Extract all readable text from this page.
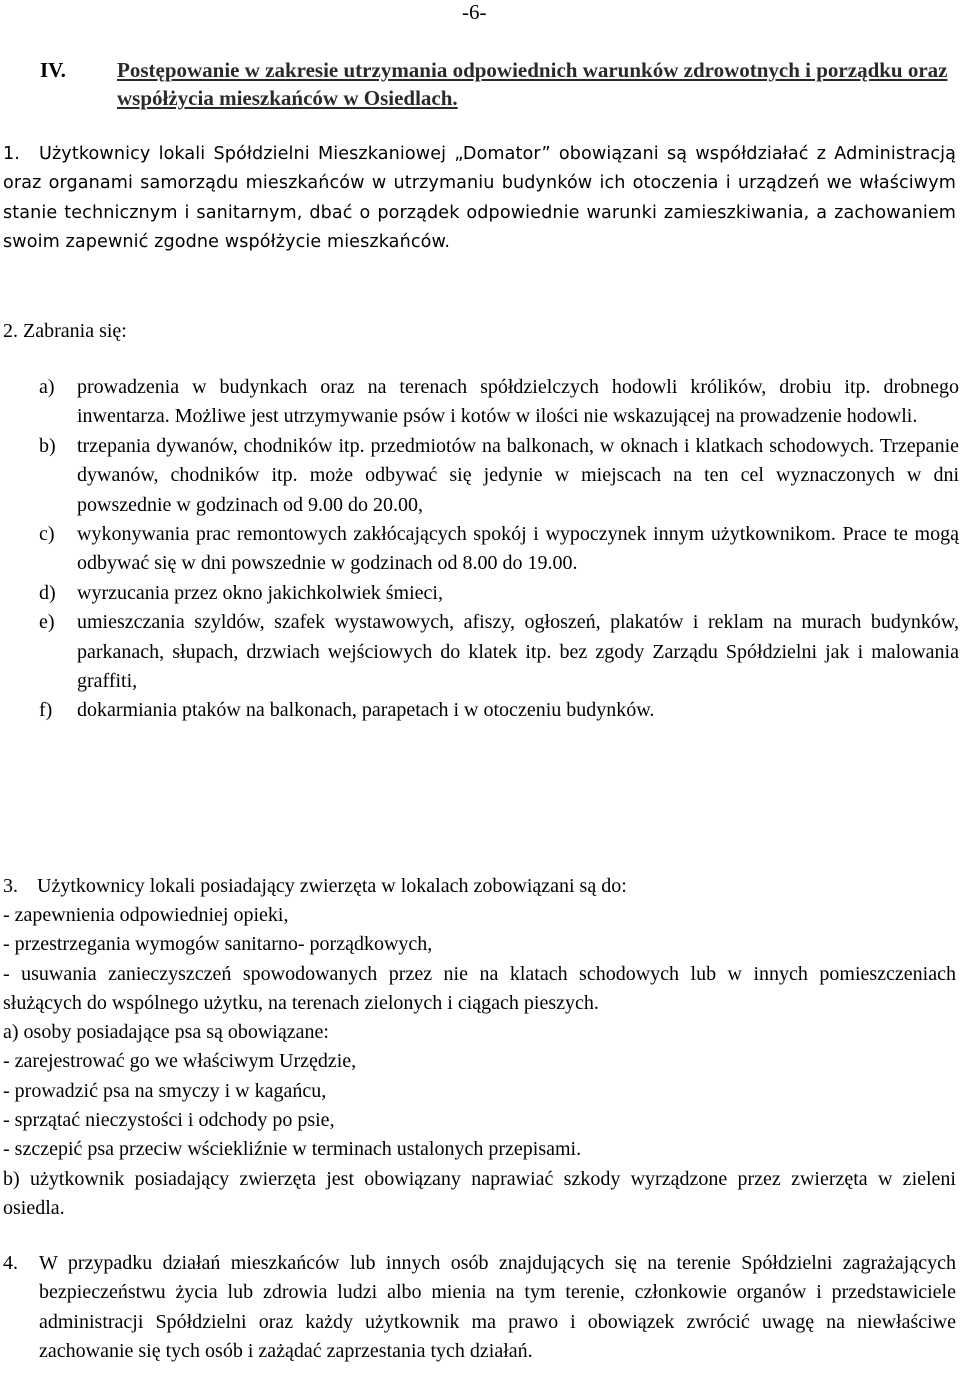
-6-
IV. Postępowanie w zakresie utrzymania odpowiednich warunków zdrowotnych i porządku oraz współżycia mieszkańców w Osiedlach.
1.	Użytkownicy lokali Spółdzielni Mieszkaniowej „Domator” obowiązani są współdziałać z Administracją oraz organami samorządu mieszkańców w utrzymaniu budynków ich otoczenia i urządzeń we właściwym stanie technicznym i sanitarnym, dbać o porządek odpowiednie warunki zamieszkiwania, a zachowaniem swoim zapewnić zgodne współżycie mieszkańców.
2. Zabrania się:
a) prowadzenia w budynkach oraz na terenach spółdzielczych hodowli królików, drobiu itp. drobnego inwentarza. Możliwe jest utrzymywanie psów i kotów w ilości nie wskazującej na prowadzenie hodowli.
b) trzepania dywanów, chodników itp. przedmiotów na balkonach, w oknach i klatkach schodowych. Trzepanie dywanów, chodników itp. może odbywać się jedynie w miejscach na ten cel wyznaczonych w dni powszednie w godzinach od 9.00 do 20.00,
c) wykonywania prac remontowych zakłócających spokój i wypoczynek innym użytkownikom. Prace te mogą odbywać się w dni powszednie w godzinach od 8.00 do 19.00.
d) wyrzucania przez okno jakichkolwiek śmieci,
e) umieszczania szyldów, szafek wystawowych, afiszy, ogłoszeń, plakatów i reklam na murach budynków, parkanach, słupach, drzwiach wejściowych do klatek itp. bez zgody Zarządu Spółdzielni jak i malowania graffiti,
f) dokarmiania ptaków na balkonach, parapetach i w otoczeniu budynków.
3. Użytkownicy lokali posiadający zwierzęta w lokalach zobowiązani są do:
- zapewnienia odpowiedniej opieki,
- przestrzegania wymogów sanitarno- porządkowych,
- usuwania zanieczyszczeń spowodowanych przez nie na klatach schodowych lub w innych pomieszczeniach służących do wspólnego użytku, na terenach zielonych i ciągach pieszych.
a) osoby posiadające psa są obowiązane:
- zarejestrować go we właściwym Urzędzie,
- prowadzić psa na smyczy i w kagańcu,
- sprzątać nieczystości i odchody po psie,
- szczepić psa przeciw wściekliźnie w terminach ustalonych przepisami.
b) użytkownik posiadający zwierzęta jest obowiązany naprawiać szkody wyrządzone przez zwierzęta w zieleni osiedla.
4.	W przypadku działań mieszkańców lub innych osób znajdujących się na terenie Spółdzielni zagrażających bezpieczeństwu życia lub zdrowia ludzi albo mienia na tym terenie, członkowie organów i przedstawiciele administracji Spółdzielni oraz każdy użytkownik ma prawo i obowiązek zwrócić uwagę na niewłaściwe zachowanie się tych osób i zażądać zaprzestania tych działań.
